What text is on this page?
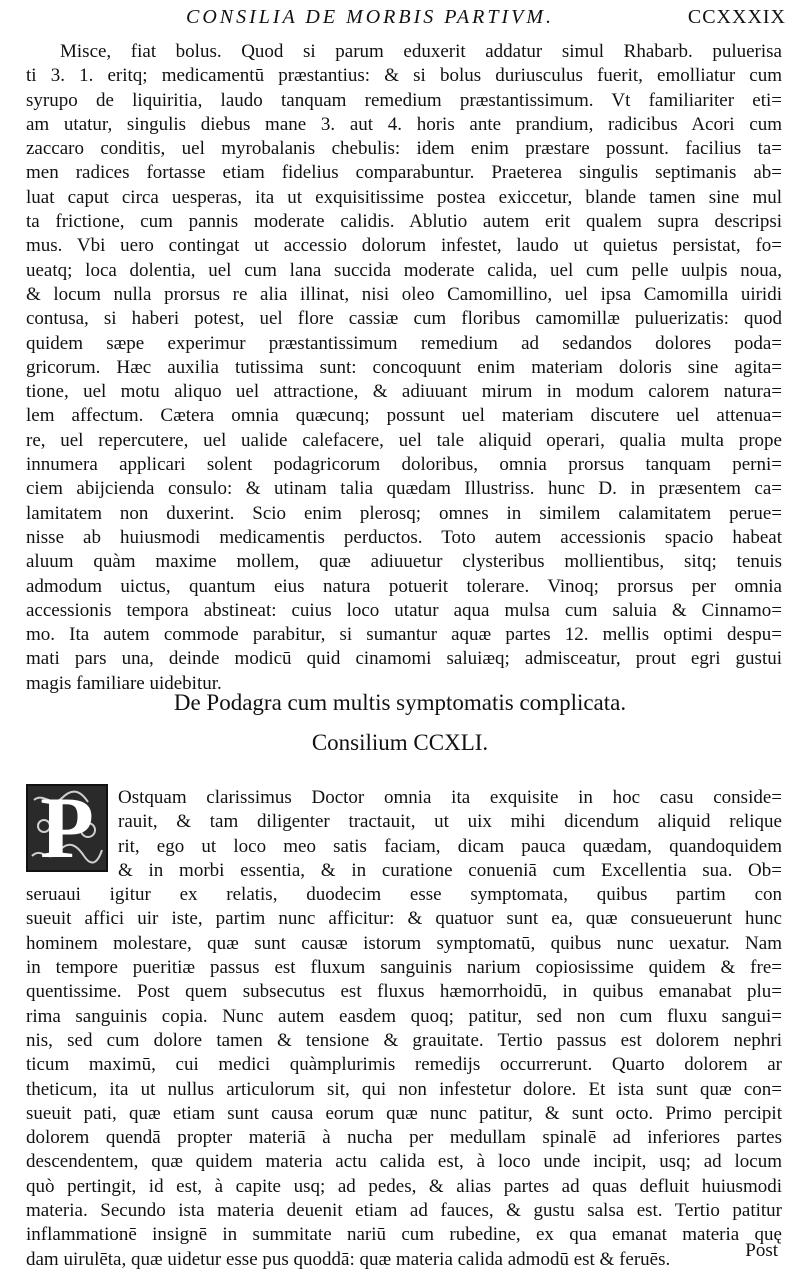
CONSILIA DE MORBIS PARTIVM.	CCXXXIX
Misce, fiat bolus. Quod si parum eduxerit addatur simul Rhabarb. puluerisa
ti 3. 1. eritq; medicamentū præstantius: & si bolus duriusculus fuerit, emolliatur cum
syrupo de liquiritia, laudo tanquam remedium præstantissimum. Vt familiariter eti=
am utatur, singulis diebus mane 3. aut 4. horis ante prandium, radicibus Acori cum
zaccaro conditis, uel myrobalanis chebulis: idem enim præstare possunt. facilius ta=
men radices fortasse etiam fidelius comparabuntur. Praeterea singulis septimanis ab=
luat caput circa uesperas, ita ut exquisitissime postea exiccetur, blande tamen sine mul
ta frictione, cum pannis moderate calidis. Ablutio autem erit qualem supra descripsi
mus. Vbi uero contingat ut accessio dolorum infestet, laudo ut quietus persistat, fo=
ueatq; loca dolentia, uel cum lana succida moderate calida, uel cum pelle uulpis noua,
& locum nulla prorsus re alia illinat, nisi oleo Camomillino, uel ipsa Camomilla uiridi
contusa, si haberi potest, uel flore cassiæ cum floribus camomillæ puluerizatis: quod
quidem sæpe experimur præstantissimum remedium ad sedandos dolores poda=
gricorum. Hæc auxilia tutissima sunt: concoquunt enim materiam doloris sine agita=
tione, uel motu aliquo uel attractione, & adiuuant mirum in modum calorem natura=
lem affectum. Cætera omnia quæcunq; possunt uel materiam discutere uel attenua=
re, uel repercutere, uel ualide calefacere, uel tale aliquid operari, qualia multa prope
innumera applicari solent podagricorum doloribus, omnia prorsus tanquam perni=
ciem abijcienda consulo: & utinam talia quædam Illustriss. hunc D. in præsentem ca=
lamitatem non duxerint. Scio enim plerosq; omnes in similem calamitatem perue=
nisse ab huiusmodi medicamentis perductos. Toto autem accessionis spacio habeat
aluum quàm maxime mollem, quæ adiuuetur clysteribus mollientibus, sitq; tenuis
admodum uictus, quantum eius natura potuerit tolerare. Vinoq; prorsus per omnia
accessionis tempora abstineat: cuius loco utatur aqua mulsa cum saluia & Cinnamo=
mo. Ita autem commode parabitur, si sumantur aquæ partes 12. mellis optimi despu=
mati pars una, deinde modicū quid cinamomi saluiæq; admisceatur, prout egri gustui
magis familiare uidebitur.
De Podagra cum multis symptomatis complicata.
Consilium CCXLI.
P	Ostquam clarissimus Doctor omnia ita exquisite in hoc casu conside=
rauit, & tam diligenter tractauit, ut uix mihi dicendum aliquid relique
rit, ego ut loco meo satis faciam, dicam pauca quædam, quandoquidem
& in morbi essentia, & in curatione conueniā cum Excellentia sua. Ob=
seruaui igitur ex relatis, duodecim esse symptomata, quibus partim con
sueuit affici uir iste, partim nunc afficitur: & quatuor sunt ea, quæ consueuerunt hunc
hominem molestare, quæ sunt causæ istorum symptomatū, quibus nunc uexatur. Nam
in tempore pueritiæ passus est fluxum sanguinis narium copiosissime quidem & fre=
quentissime. Post quem subsecutus est fluxus hæmorrhoidū, in quibus emanabat plu=
rima sanguinis copia. Nunc autem easdem quoq; patitur, sed non cum fluxu sangui=
nis, sed cum dolore tamen & tensione & grauitate. Tertio passus est dolorem nephri
ticum maximū, cui medici quàmplurimis remedijs occurrerunt. Quarto dolorem ar
theticum, ita ut nullus articulorum sit, qui non infestetur dolore. Et ista sunt quæ con=
sueuit pati, quæ etiam sunt causa eorum quæ nunc patitur, & sunt octo. Primo percipit
dolorem quendā propter materiā à nucha per medullam spinalē ad inferiores partes
descendentem, quæ quidem materia actu calida est, à loco unde incipit, usq; ad locum
quò pertingit, id est, à capite usq; ad pedes, & alias partes ad quas defluit huiusmodi
materia. Secundo ista materia deuenit etiam ad fauces, & gustu salsa est. Tertio patitur
inflammationē insignē in summitate nariū cum rubedine, ex qua emanat materia quę
dam uirulēta, quæ uidetur esse pus quoddā: quæ materia calida admodū est & feruēs.	Post
